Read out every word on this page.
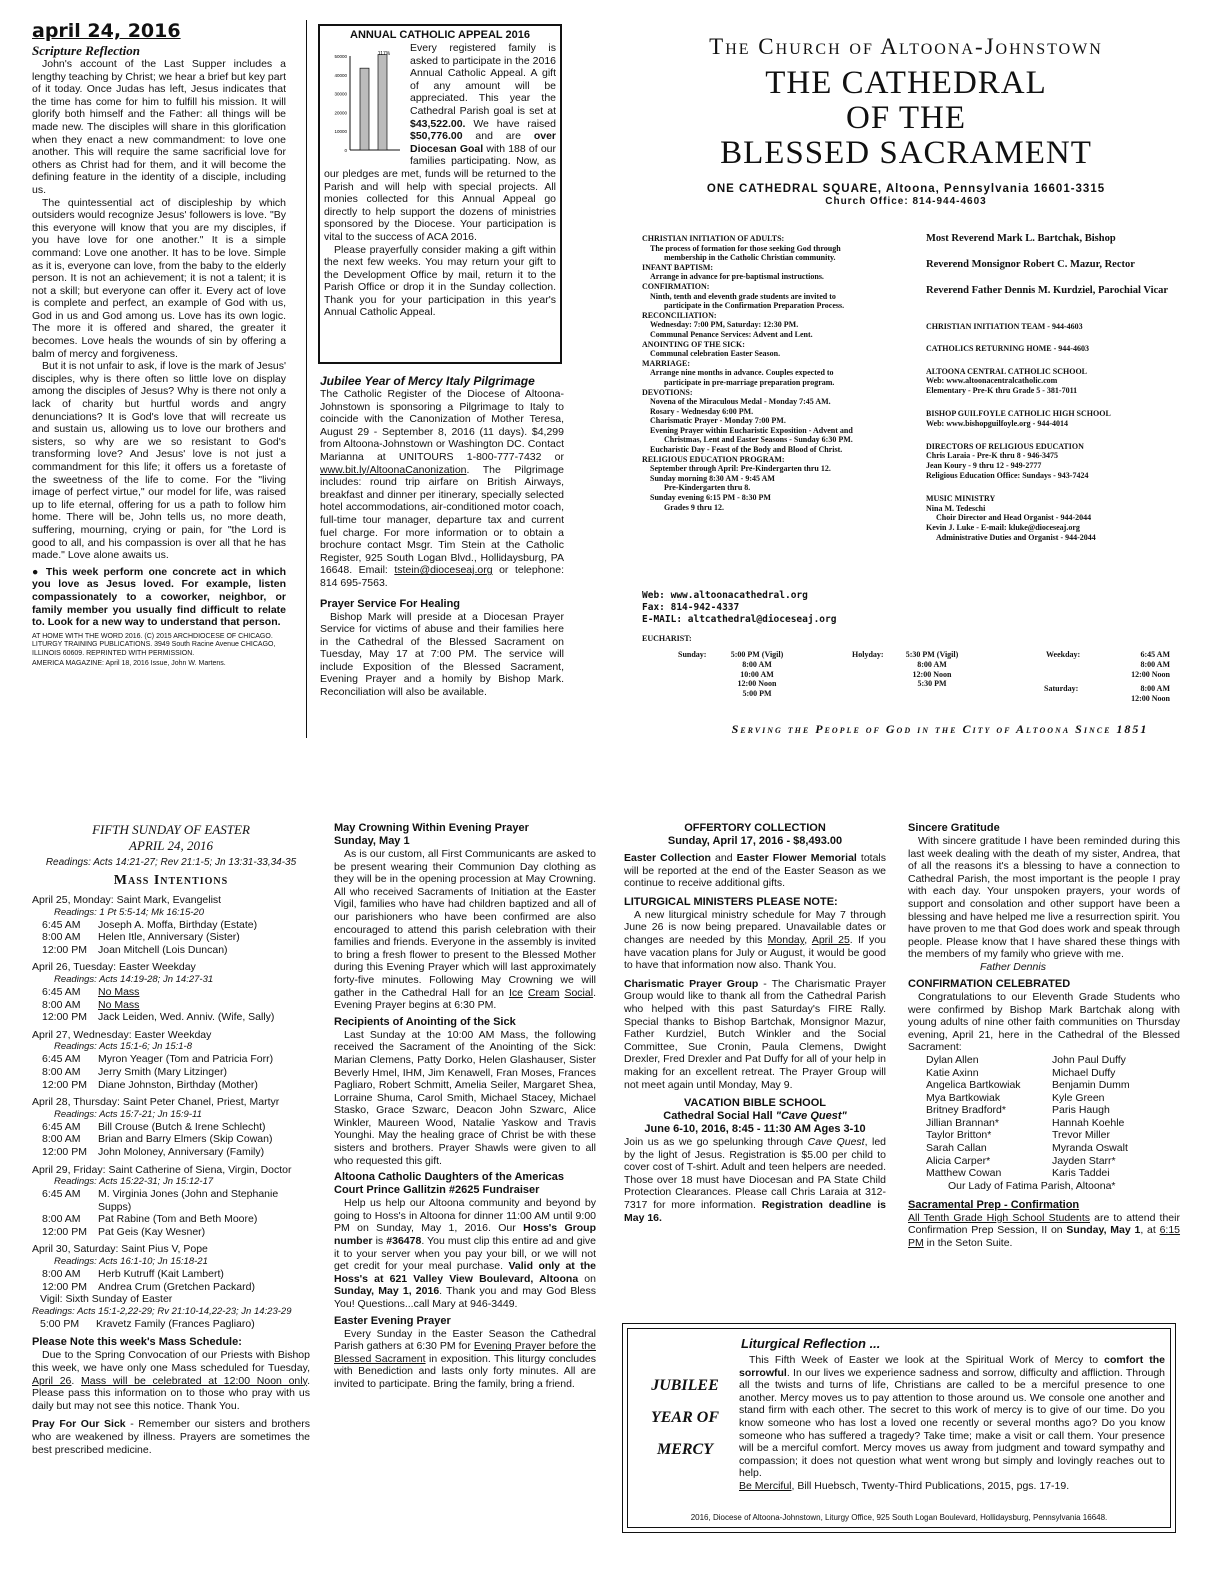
april 24, 2016
Scripture Reflection

John's account of the Last Supper includes a lengthy teaching by Christ; we hear a brief but key part of it today. Once Judas has left, Jesus indicates that the time has come for him to fulfill his mission. It will glorify both himself and the Father: all things will be made new. The disciples will share in this glorification when they enact a new commandment: to love one another. This will require the same sacrificial love for others as Christ had for them, and it will become the defining feature in the identity of a disciple, including us.

The quintessential act of discipleship by which outsiders would recognize Jesus' followers is love. "By this everyone will know that you are my disciples, if you have love for one another." It is a simple command: Love one another. It has to be love. Simple as it is, everyone can love, from the baby to the elderly person. It is not an achievement; it is not a talent; it is not a skill; but everyone can offer it. Every act of love is complete and perfect, an example of God with us, God in us and God among us. Love has its own logic. The more it is offered and shared, the greater it becomes. Love heals the wounds of sin by offering a balm of mercy and forgiveness.

But it is not unfair to ask, if love is the mark of Jesus' disciples, why is there often so little love on display among the disciples of Jesus? Why is there not only a lack of charity but hurtful words and angry denunciations? It is God's love that will recreate us and sustain us, allowing us to love our brothers and sisters, so why are we so resistant to God's transforming love? And Jesus' love is not just a commandment for this life; it offers us a foretaste of the sweetness of the life to come. For the "living image of perfect virtue," our model for life, was raised up to life eternal, offering for us a path to follow him home. There will be, John tells us, no more death, suffering, mourning, crying or pain, for "the Lord is good to all, and his compassion is over all that he has made." Love alone awaits us.

● This week perform one concrete act in which you love as Jesus loved. For example, listen compassionately to a coworker, neighbor, or family member you usually find difficult to relate to. Look for a new way to understand that person.

AT HOME WITH THE WORD 2016. (C) 2015 ARCHDIOCESE OF CHICAGO. LITURGY TRAINING PUBLICATIONS. 3949 South Racine Avenue CHICAGO, ILLINOIS 60609. REPRINTED WITH PERMISSION.

AMERICA MAGAZINE: April 18, 2016 Issue, John W. Martens.

ANNUAL CATHOLIC APPEAL 2016
50000
40000
30000
20000
10000
0
117%	Every registered family is asked to participate in the 2016 Annual Catholic Appeal. A gift of any amount will be appreciated. This year the Cathedral Parish goal is set at $43,522.00. We have raised $50,776.00 and are over Diocesan Goal with 188 of our families participating. Now, as our pledges are met, funds will be returned to the Parish and will help with special projects. All monies collected for this Annual Appeal go directly to help support the dozens of ministries sponsored by the Diocese. Your participation is vital to the success of ACA 2016.

Please prayerfully consider making a gift within the next few weeks. You may return your gift to the Development Office by mail, return it to the Parish Office or drop it in the Sunday collection. Thank you for your participation in this year's Annual Catholic Appeal.

Jubilee Year of Mercy Italy Pilgrimage

The Catholic Register of the Diocese of Altoona-Johnstown is sponsoring a Pilgrimage to Italy to coincide with the Canonization of Mother Teresa, August 29 - September 8, 2016 (11 days). $4,299 from Altoona-Johnstown or Washington DC. Contact Marianna at UNITOURS 1-800-777-7432 or www.bit.ly/AltoonaCanonization. The Pilgrimage includes: round trip airfare on British Airways, breakfast and dinner per itinerary, specially selected hotel accommodations, air-conditioned motor coach, full-time tour manager, departure tax and current fuel charge. For more information or to obtain a brochure contact Msgr. Tim Stein at the Catholic Register, 925 South Logan Blvd., Hollidaysburg, PA 16648. Email: tstein@dioceseaj.org or telephone: 814 695-7563.

Prayer Service For Healing

Bishop Mark will preside at a Diocesan Prayer Service for victims of abuse and their families here in the Cathedral of the Blessed Sacrament on Tuesday, May 17 at 7:00 PM. The service will include Exposition of the Blessed Sacrament, Evening Prayer and a homily by Bishop Mark. Reconciliation will also be available.

The Church of Altoona-Johnstown
THE CATHEDRAL
OF THE
BLESSED SACRAMENT
ONE CATHEDRAL SQUARE, Altoona, Pennsylvania 16601-3315
Church Office: 814-944-4603
CHRISTIAN INITIATION OF ADULTS:
The process of formation for those seeking God through
membership in the Catholic Christian community.
INFANT BAPTISM:
Arrange in advance for pre-baptismal instructions.
CONFIRMATION:
Ninth, tenth and eleventh grade students are invited to
participate in the Confirmation Preparation Process.
RECONCILIATION:
Wednesday: 7:00 PM, Saturday: 12:30 PM.
Communal Penance Services: Advent and Lent.
ANOINTING OF THE SICK:
Communal celebration Easter Season.
MARRIAGE:
Arrange nine months in advance. Couples expected to
participate in pre-marriage preparation program.
DEVOTIONS:
Novena of the Miraculous Medal - Monday 7:45 AM.
Rosary - Wednesday 6:00 PM.
Charismatic Prayer - Monday 7:00 PM.
Evening Prayer within Eucharistic Exposition - Advent and
Christmas, Lent and Easter Seasons - Sunday 6:30 PM.
Eucharistic Day - Feast of the Body and Blood of Christ.
RELIGIOUS EDUCATION PROGRAM:
September through April: Pre-Kindergarten thru 12.
Sunday morning 8:30 AM - 9:45 AM
Pre-Kindergarten thru 8.
Sunday evening 6:15 PM - 8:30 PM
Grades 9 thru 12.
Web: www.altoonacathedral.org
Fax: 814-942-4337
E-MAIL: altcathedral@dioceseaj.org
Most Reverend Mark L. Bartchak, Bishop
Reverend Monsignor Robert C. Mazur, Rector
Reverend Father Dennis M. Kurdziel, Parochial Vicar
CHRISTIAN INITIATION TEAM - 944-4603
CATHOLICS RETURNING HOME - 944-4603
ALTOONA CENTRAL CATHOLIC SCHOOL
Web: www.altoonacentralcatholic.com
Elementary - Pre-K thru Grade 5 - 381-7011
BISHOP GUILFOYLE CATHOLIC HIGH SCHOOL
Web: www.bishopguilfoyle.org - 944-4014
DIRECTORS OF RELIGIOUS EDUCATION
Chris Laraia - Pre-K thru 8 - 946-3475
Jean Koury - 9 thru 12 - 949-2777
Religious Education Office: Sundays - 943-7424
MUSIC MINISTRY
Nina M. Tedeschi
Choir Director and Head Organist - 944-2044
Kevin J. Luke - E-mail: kluke@dioceseaj.org
Administrative Duties and Organist - 944-2044
EUCHARIST:
Sunday:	5:00 PM (Vigil)
8:00 AM
10:00 AM
12:00 Noon
5:00 PM
Holyday:	5:30 PM (Vigil)
8:00 AM
12:00 Noon
5:30 PM
Weekday:	6:45 AM
8:00 AM
12:00 Noon
Saturday:	8:00 AM
12:00 Noon
Serving the People of God in the City of Altoona Since 1851
FIFTH SUNDAY OF EASTER
APRIL 24, 2016
Readings: Acts 14:21-27; Rev 21:1-5; Jn 13:31-33,34-35
Mass Intentions
April 25, Monday: Saint Mark, Evangelist
Readings: 1 Pt 5:5-14; Mk 16:15-20
6:45 AM	Joseph A. Moffa, Birthday (Estate)
8:00 AM	Helen Itle, Anniversary (Sister)
12:00 PM	Joan Mitchell (Lois Duncan)
April 26, Tuesday: Easter Weekday
Readings: Acts 14:19-28; Jn 14:27-31
6:45 AM	No Mass
8:00 AM	No Mass
12:00 PM	Jack Leiden, Wed. Anniv. (Wife, Sally)
April 27, Wednesday: Easter Weekday
Readings: Acts 15:1-6; Jn 15:1-8
6:45 AM	Myron Yeager (Tom and Patricia Forr)
8:00 AM	Jerry Smith (Mary Litzinger)
12:00 PM	Diane Johnston, Birthday (Mother)
April 28, Thursday: Saint Peter Chanel, Priest, Martyr
Readings: Acts 15:7-21; Jn 15:9-11
6:45 AM	Bill Crouse (Butch & Irene Schlecht)
8:00 AM	Brian and Barry Elmers (Skip Cowan)
12:00 PM	John Moloney, Anniversary (Family)
April 29, Friday: Saint Catherine of Siena, Virgin, Doctor
Readings: Acts 15:22-31; Jn 15:12-17
6:45 AM	M. Virginia Jones (John and Stephanie Supps)
8:00 AM	Pat Rabine (Tom and Beth Moore)
12:00 PM	Pat Geis (Kay Wesner)
April 30, Saturday: Saint Pius V, Pope
Readings: Acts 16:1-10; Jn 15:18-21
8:00 AM	Herb Kutruff (Kait Lambert)
12:00 PM	Andrea Crum (Gretchen Packard)
Vigil: Sixth Sunday of Easter
Readings: Acts 15:1-2,22-29; Rv 21:10-14,22-23; Jn 14:23-29
5:00 PM	Kravetz Family (Frances Pagliaro)
Please Note this week's Mass Schedule:

Due to the Spring Convocation of our Priests with Bishop this week, we have only one Mass scheduled for Tuesday, April 26. Mass will be celebrated at 12:00 Noon only. Please pass this information on to those who pray with us daily but may not see this notice. Thank You.

Pray For Our Sick - Remember our sisters and brothers who are weakened by illness. Prayers are sometimes the best prescribed medicine.

May Crowning Within Evening Prayer
Sunday, May 1

As is our custom, all First Communicants are asked to be present wearing their Communion Day clothing as they will be in the opening procession at May Crowning. All who received Sacraments of Initiation at the Easter Vigil, families who have had children baptized and all of our parishioners who have been confirmed are also encouraged to attend this parish celebration with their families and friends. Everyone in the assembly is invited to bring a fresh flower to present to the Blessed Mother during this Evening Prayer which will last approximately forty-five minutes. Following May Crowning we will gather in the Cathedral Hall for an Ice Cream Social. Evening Prayer begins at 6:30 PM.

Recipients of Anointing of the Sick

Last Sunday at the 10:00 AM Mass, the following received the Sacrament of the Anointing of the Sick: Marian Clemens, Patty Dorko, Helen Glashauser, Sister Beverly Hmel, IHM, Jim Kenawell, Fran Moses, Frances Pagliaro, Robert Schmitt, Amelia Seiler, Margaret Shea, Lorraine Shuma, Carol Smith, Michael Stacey, Michael Stasko, Grace Szwarc, Deacon John Szwarc, Alice Winkler, Maureen Wood, Natalie Yaskow and Travis Younghi. May the healing grace of Christ be with these sisters and brothers. Prayer Shawls were given to all who requested this gift.

Altoona Catholic Daughters of the Americas Court Prince Gallitzin #2625 Fundraiser

Help us help our Altoona community and beyond by going to Hoss's in Altoona for dinner 11:00 AM until 9:00 PM on Sunday, May 1, 2016. Our Hoss's Group number is #36478. You must clip this entire ad and give it to your server when you pay your bill, or we will not get credit for your meal purchase. Valid only at the Hoss's at 621 Valley View Boulevard, Altoona on Sunday, May 1, 2016. Thank you and may God Bless You! Questions...call Mary at 946-3449.

Easter Evening Prayer

Every Sunday in the Easter Season the Cathedral Parish gathers at 6:30 PM for Evening Prayer before the Blessed Sacrament in exposition. This liturgy concludes with Benediction and lasts only forty minutes. All are invited to participate. Bring the family, bring a friend.

OFFERTORY COLLECTION
Sunday, April 17, 2016 - $8,493.00

Easter Collection and Easter Flower Memorial totals will be reported at the end of the Easter Season as we continue to receive additional gifts.

LITURGICAL MINISTERS PLEASE NOTE:

A new liturgical ministry schedule for May 7 through June 26 is now being prepared. Unavailable dates or changes are needed by this Monday, April 25. If you have vacation plans for July or August, it would be good to have that information now also. Thank You.

Charismatic Prayer Group - The Charismatic Prayer Group would like to thank all from the Cathedral Parish who helped with this past Saturday's FIRE Rally. Special thanks to Bishop Bartchak, Monsignor Mazur, Father Kurdziel, Butch Winkler and the Social Committee, Sue Cronin, Paula Clemens, Dwight Drexler, Fred Drexler and Pat Duffy for all of your help in making for an excellent retreat. The Prayer Group will not meet again until Monday, May 9.

VACATION BIBLE SCHOOL
Cathedral Social Hall "Cave Quest"
June 6-10, 2016, 8:45 - 11:30 AM Ages 3-10

Join us as we go spelunking through Cave Quest, led by the light of Jesus. Registration is $5.00 per child to cover cost of T-shirt. Adult and teen helpers are needed. Those over 18 must have Diocesan and PA State Child Protection Clearances. Please call Chris Laraia at 312-7317 for more information. Registration deadline is May 16.

Sincere Gratitude

With sincere gratitude I have been reminded during this last week dealing with the death of my sister, Andrea, that of all the reasons it's a blessing to have a connection to Cathedral Parish, the most important is the people I pray with each day. Your unspoken prayers, your words of support and consolation and other support have been a blessing and have helped me live a resurrection spirit. You have proven to me that God does work and speak through people. Please know that I have shared these things with the members of my family who grieve with me.

Father Dennis
CONFIRMATION CELEBRATED

Congratulations to our Eleventh Grade Students who were confirmed by Bishop Mark Bartchak along with young adults of nine other faith communities on Thursday evening, April 21, here in the Cathedral of the Blessed Sacrament:

Dylan Allen
Katie Axinn
Angelica Bartkowiak
Mya Bartkowiak
Britney Bradford*
Jillian Brannan*
Taylor Britton*
Sarah Callan
Alicia Carper*
Matthew Cowan
John Paul Duffy
Michael Duffy
Benjamin Dumm
Kyle Green
Paris Haugh
Hannah Koehle
Trevor Miller
Myranda Oswalt
Jayden Starr*
Karis Taddei
Our Lady of Fatima Parish, Altoona*
Sacramental Prep - Confirmation

All Tenth Grade High School Students are to attend their Confirmation Prep Session, II on Sunday, May 1, at 6:15 PM in the Seton Suite.

JUBILEE
YEAR OF
MERCY
Liturgical Reflection ...

This Fifth Week of Easter we look at the Spiritual Work of Mercy to comfort the sorrowful. In our lives we experience sadness and sorrow, difficulty and affliction. Through all the twists and turns of life, Christians are called to be a merciful presence to one another. Mercy moves us to pay attention to those around us. We console one another and stand firm with each other. The secret to this work of mercy is to give of our time. Do you know someone who has lost a loved one recently or several months ago? Do you know someone who has suffered a tragedy? Take time; make a visit or call them. Your presence will be a merciful comfort. Mercy moves us away from judgment and toward sympathy and compassion; it does not question what went wrong but simply and lovingly reaches out to help.

Be Merciful, Bill Huebsch, Twenty-Third Publications, 2015, pgs. 17-19.

2016, Diocese of Altoona-Johnstown, Liturgy Office, 925 South Logan Boulevard, Hollidaysburg, Pennsylvania 16648.
